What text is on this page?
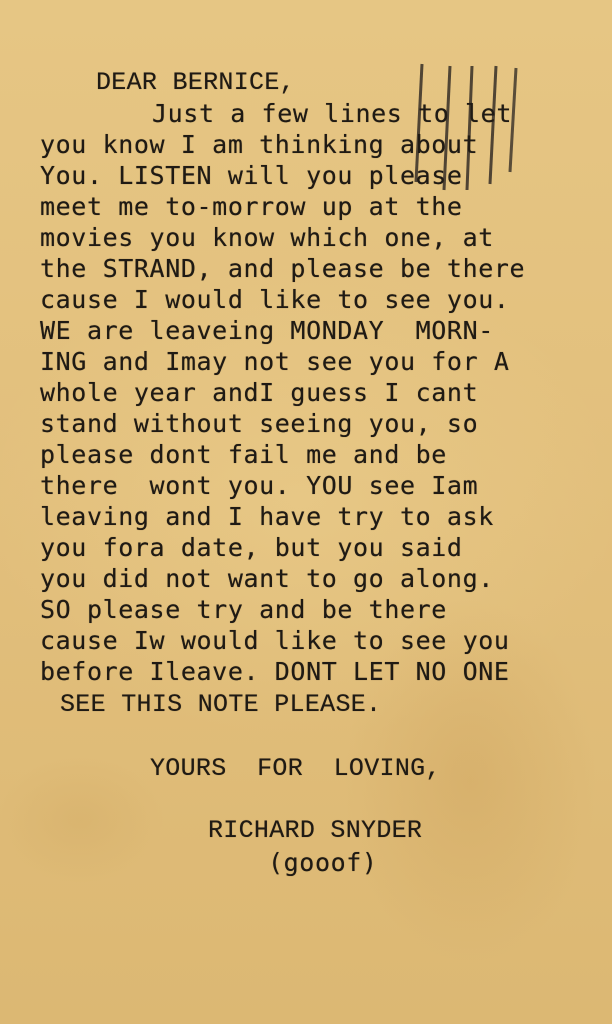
DEAR BERNICE,
Just a few lines to let
you know I am thinking about
You. LISTEN will you please
meet me to-morrow up at the
movies you know which one, at
the STRAND, and please be there
cause I would like to see you.
WE are leaveing MONDAY  MORN-
ING and Imay not see you for A
whole year andI guess I cant
stand without seeing you, so
please dont fail me and be
there  wont you. YOU see Iam
leaving and I have try to ask
you fora date, but you said
you did not want to go along.
SO please try and be there
cause Iw would like to see you
before Ileave. DONT LET NO ONE
SEE THIS NOTE PLEASE.
YOURS  FOR  LOVING,
RICHARD SNYDER
(gooof)
